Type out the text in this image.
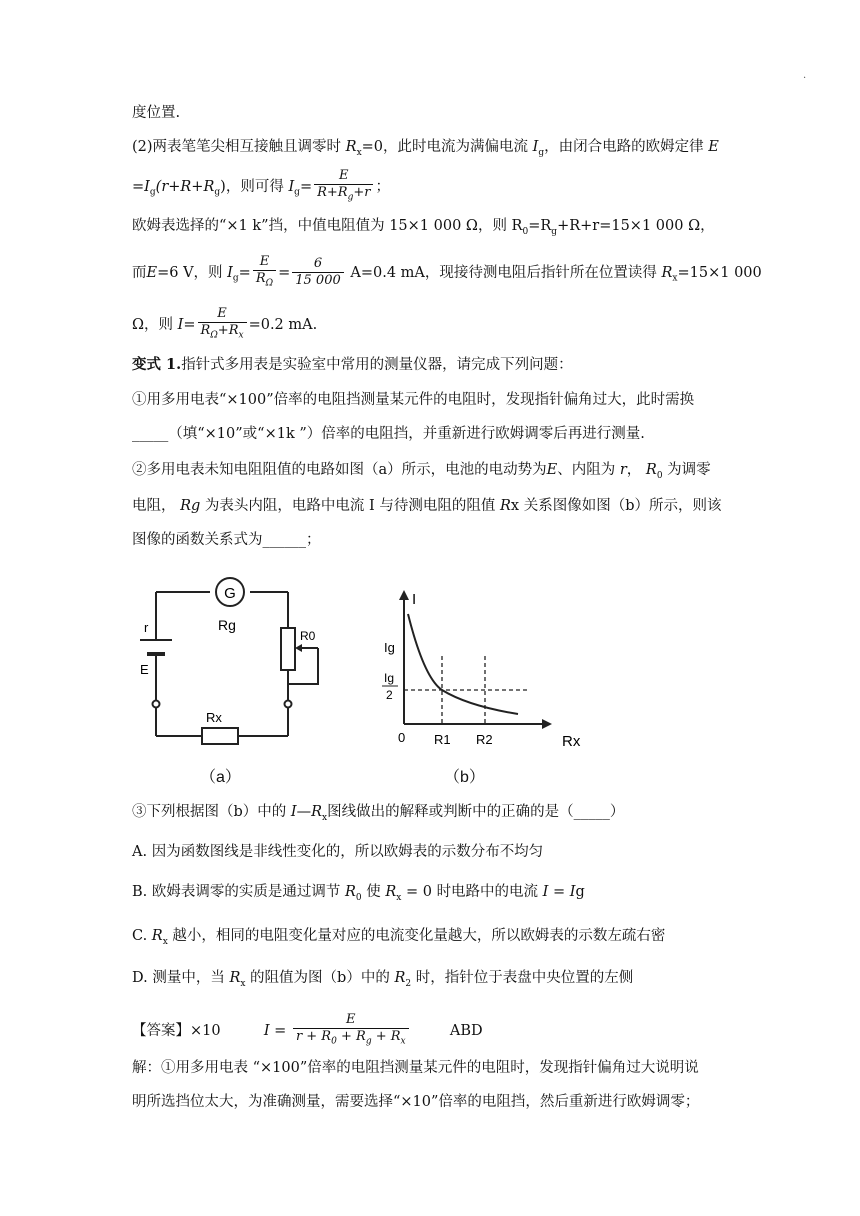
.
度位置.
(2)两表笔笔尖相互接触且调零时 $R_x=0$，此时电流为满偏电流 $I_g$，由闭合电路的欧姆定律 E
$=I_g(r+R+R_g)$，则可得 $I_g= \frac{E}{R+R_g+r}$ ；
欧姆表选择的“×1 k”挡，中值电阻值为 15×1 000 Ω，则 $R_0=R_g+R+r=15\times 1$ 000 Ω，
而E=6 V，则 $I_g= \frac{E}{R_\Omega} = \frac{6}{15 000} A=0.4$ mA，现接待测电阻后指针所在位置读得 $R_x=15\times 1$ 000
Ω，则 $I= \frac{E}{R_\Omega+R_x} =0.2$ mA.
变式 1.指针式多用表是实验室中常用的测量仪器，请完成下列问题：
①用多用电表“×100”倍率的电阻挡测量某元件的电阻时，发现指针偏角过大，此时需换
_____（填“×10”或“×1k ”）倍率的电阻挡，并重新进行欧姆调零后再进行测量.
②多用电表未知电阻阻值的电路如图（a）所示，电池的电动势为E、内阻为 r， $R_0$ 为调零
电阻， Rg 为表头内阻，电路中电流 I 与待测电阻的阻值 Rx 关系图像如图（b）所示，则该
图像的函数关系式为______；
G
Rg
r
E
R0
Rx
（a）
I
Ig
Ig
2
0 R1 R2	Rx
（b）
③下列根据图（b）中的 $I—R_x$图线做出的解释或判断中的正确的是（_____）
A. 因为函数图线是非线性变化的，所以欧姆表的示数分布不均匀
B. 欧姆表调零的实质是通过调节 $R_0$ 使 $R_x = 0$ 时电路中的电流 I = Ig
C. $R_x$ 越小，相同的电阻变化量对应的电流变化量越大，所以欧姆表的示数左疏右密
D. 测量中，当 $R_x$ 的阻值为图（b）中的 $R_2$ 时，指针位于表盘中央位置的左侧
【答案】×10	$I = \frac{E}{r + R_0 + R_g + R_x}$	ABD
解：①用多用电表 “×100”倍率的电阻挡测量某元件的电阻时，发现指针偏角过大说明说
明所选挡位太大，为准确测量，需要选择“×10”倍率的电阻挡，然后重新进行欧姆调零；
